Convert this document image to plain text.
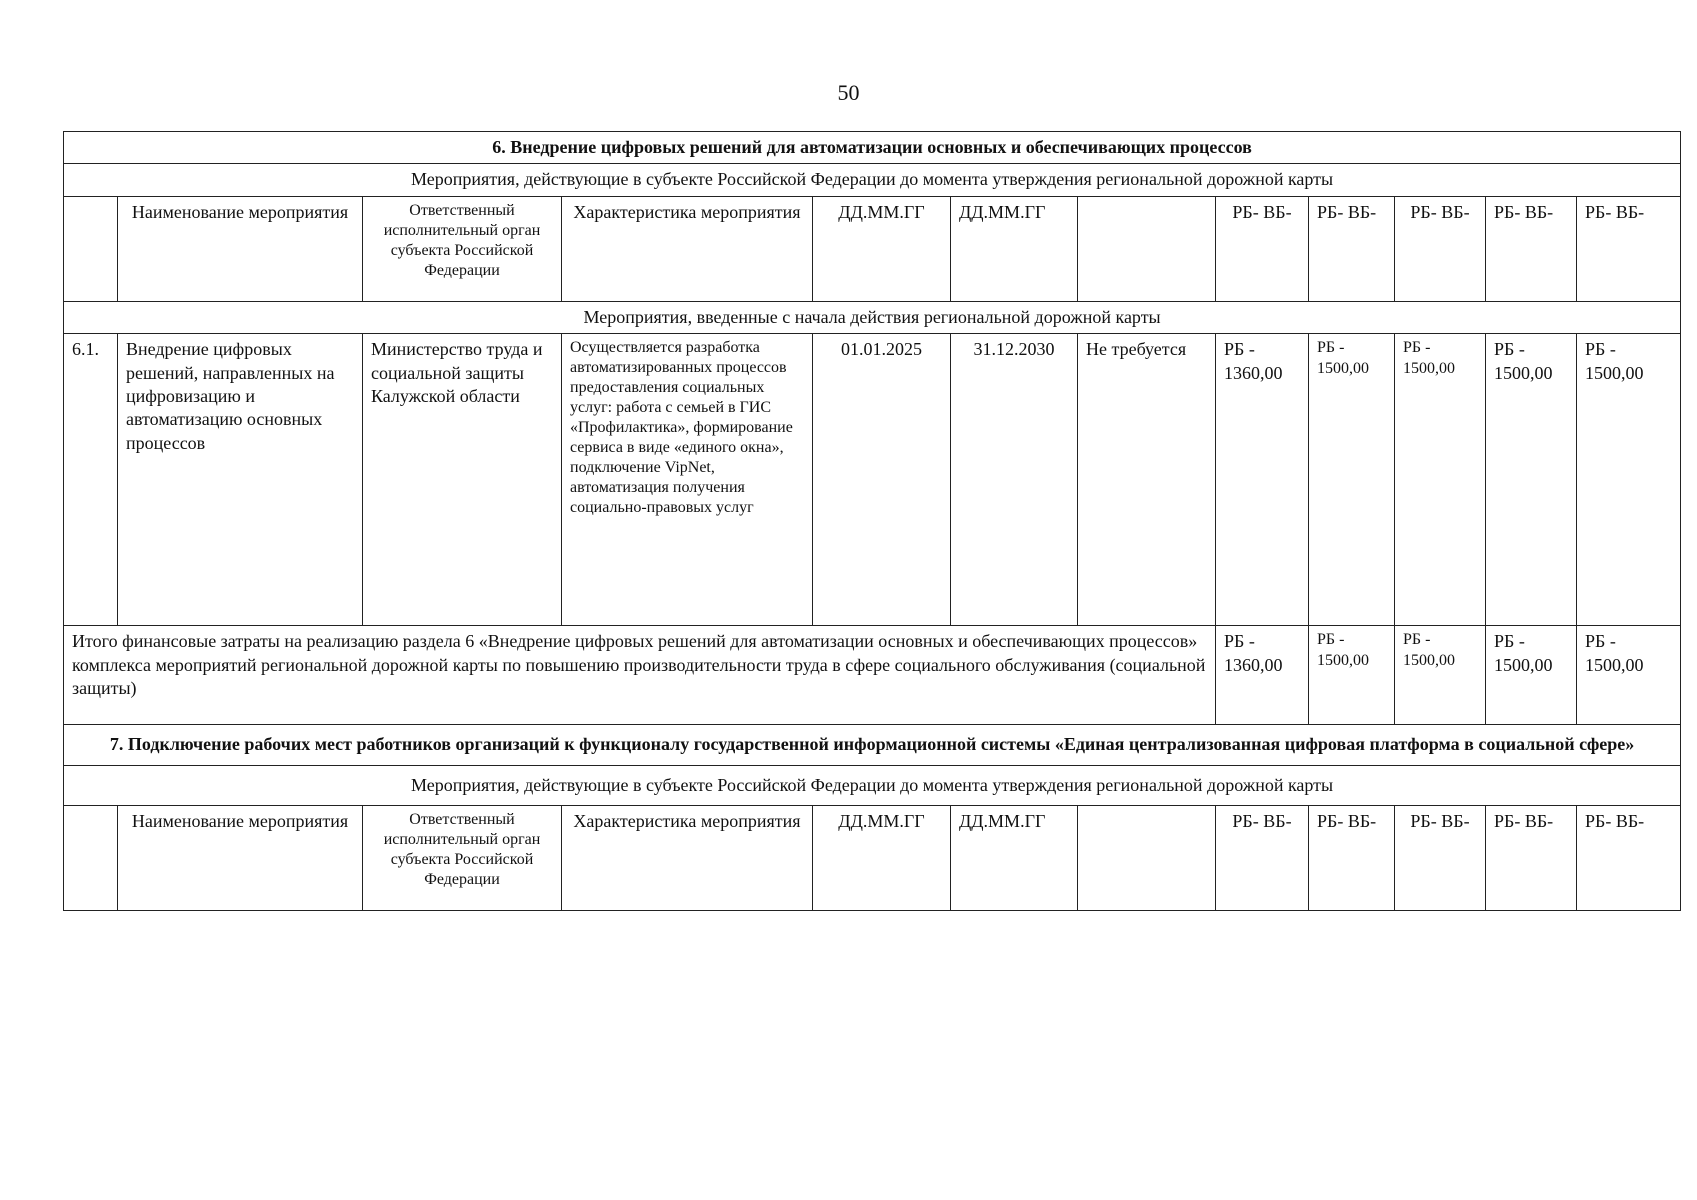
50
6. Внедрение цифровых решений для автоматизации основных и обеспечивающих процессов											
Мероприятия, действующие в субъекте Российской Федерации до момента утверждения региональной дорожной карты											
	Наименование мероприятия	Ответственный исполнительный орган субъекта Российской Федерации	Характеристика мероприятия	ДД.ММ.ГГ	ДД.ММ.ГГ		РБ- ВБ-	РБ- ВБ-	РБ- ВБ-	РБ- ВБ-	РБ- ВБ-
Мероприятия, введенные с начала действия региональной дорожной карты											
6.1.	Внедрение цифровых решений, направленных на цифровизацию и автоматизацию основных процессов	Министерство труда и социальной защиты Калужской области	Осуществляется разработка автоматизированных процессов предоставления социальных услуг: работа с семьей в ГИС «Профилактика», формирование сервиса в виде «единого окна», подключение VipNet, автоматизация получения социально-правовых услуг	01.01.2025	31.12.2030	Не требуется	РБ - 1360,00	РБ - 1500,00	РБ - 1500,00	РБ - 1500,00	РБ - 1500,00
Итого финансовые затраты на реализацию раздела 6 «Внедрение цифровых решений для автоматизации основных и обеспечивающих процессов» комплекса мероприятий региональной дорожной карты по повышению производительности труда в сфере социального обслуживания (социальной защиты)							РБ - 1360,00	РБ - 1500,00	РБ - 1500,00	РБ - 1500,00	РБ - 1500,00
7. Подключение рабочих мест работников организаций к функционалу государственной информационной системы «Единая централизованная цифровая платформа в социальной сфере»											
Мероприятия, действующие в субъекте Российской Федерации до момента утверждения региональной дорожной карты											
	Наименование мероприятия	Ответственный исполнительный орган субъекта Российской Федерации	Характеристика мероприятия	ДД.ММ.ГГ	ДД.ММ.ГГ		РБ- ВБ-	РБ- ВБ-	РБ- ВБ-	РБ- ВБ-	РБ- ВБ-
